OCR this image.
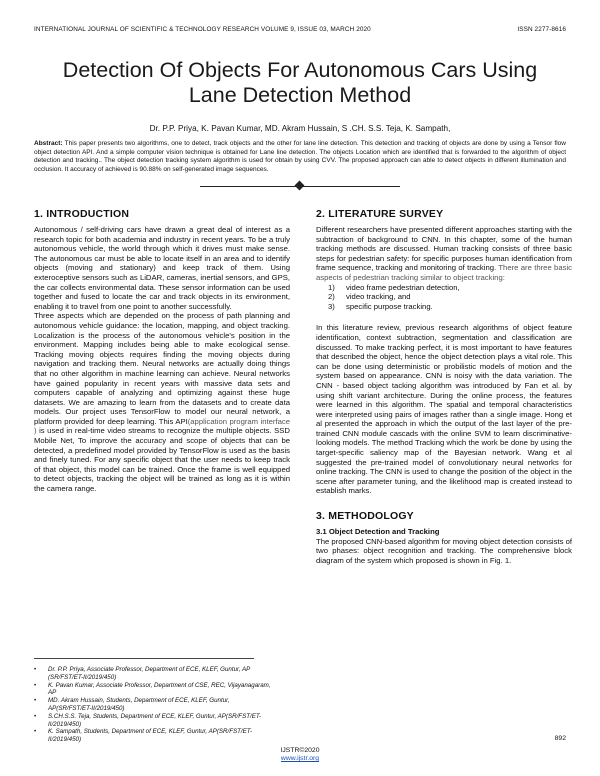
INTERNATIONAL JOURNAL OF SCIENTIFIC & TECHNOLOGY RESEARCH VOLUME 9, ISSUE 03, MARCH 2020	ISSN 2277-8616
Detection Of Objects For Autonomous Cars Using
Lane Detection Method
Dr. P.P. Priya, K. Pavan Kumar, MD. Akram Hussain, S .CH. S.S. Teja, K. Sampath,
Abstract: This paper presents two algorithms, one to detect, track objects and the other for lane line detection. This detection and tracking of objects are done by using a Tensor flow object detection API. And a simple computer vision technique is obtained for Lane line detection. The objects Location which are identified that is forwarded to the algorithm of object detection and tracking.. The object detection tracking system algorithm is used for obtain by using CVV. The proposed approach can able to detect objects in different illumination and occlusion. It accuracy of achieved is 90.88% on self-generated image sequences.
1. INTRODUCTION

Autonomous / self-driving cars have drawn a great deal of interest as a research topic for both academia and industry in recent years. To be a truly autonomous vehicle, the world through which it drives must make sense. The autonomous car must be able to locate itself in an area and to identify objects (moving and stationary) and keep track of them. Using exteroceptive sensors such as LiDAR, cameras, inertial sensors, and GPS, the car collects environmental data. These sensor information can be used together and fused to locate the car and track objects in its environment, enabling it to travel from one point to another successfully.

Three aspects which are depended on the process of path planning and autonomous vehicle guidance: the location, mapping, and object tracking. Localization is the process of the autonomous vehicle's position in the environment. Mapping includes being able to make ecological sense. Tracking moving objects requires finding the moving objects during navigation and tracking them. Neural networks are actually doing things that no other algorithm in machine learning can achieve. Neural networks have gained popularity in recent years with massive data sets and computers capable of analyzing and optimizing against these huge datasets. We are amazing to learn from the datasets and to create data models. Our project uses TensorFlow to model our neural network, a platform provided for deep learning. This API(application program interface ) is used in real-time video streams to recognize the multiple objects. SSD Mobile Net, To improve the accuracy and scope of objects that can be detected, a predefined model provided by TensorFlow is used as the basis and finely tuned. For any specific object that the user needs to keep track of that object, this model can be trained. Once the frame is well equipped to detect objects, tracking the object will be trained as long as it is within the camera range.

• Dr. P.P. Priya, Associate Professor, Department of ECE, KLEF, Guntur, AP (SR/FST/ET-II/2019/450)
• K. Pavan Kumar, Associate Professor, Department of CSE, REC, Vijayanagaram, AP
• MD. Akram Hussain, Students, Department of ECE, KLEF, Guntur, AP(SR/FST/ET-II/2019/450)
• S.CH.S.S. Teja, Students, Department of ECE, KLEF, Guntur, AP(SR/FST/ET-II/2019/450)
• K. Sampath, Students, Department of ECE, KLEF, Guntur, AP(SR/FST/ET-II/2019/450)
2. LITERATURE SURVEY

Different researchers have presented different approaches starting with the subtraction of background to CNN. In this chapter, some of the human tracking methods are discussed. Human tracking consists of three basic steps for pedestrian safety: for specific purposes human identification from frame sequence, tracking and monitoring of tracking. There are three basic aspects of pedestrian tracking similar to object tracking:

1) video frame pedestrian detection,
2) video tracking, and
3) specific purpose tracking.

In this literature review, previous research algorithms of object feature identification, context subtraction, segmentation and classification are discussed. To make tracking perfect, it is most important to have features that described the object, hence the object detection plays a vital role. This can be done using deterministic or probilistic models of motion and the system based on appearance. CNN is noisy with the data variation. The CNN - based object tacking algorithm was introduced by Fan et al. by using shift variant architecture. During the online process, the features were learned in this algorithm. The spatial and temporal characteristics were interpreted using pairs of images rather than a single image. Hong et al presented the approach in which the output of the last layer of the pre-trained CNN module cascads with the online SVM to learn discriminative-looking models. The method Tracking which the work be done by using the target-specific saliency map of the Bayesian network. Wang et al suggested the pre-trained model of convolutionary neural networks for online tracking. The CNN is used to change the position of the object in the scene after parameter tuning, and the likelihood map is created instead to establish marks.

3. METHODOLOGY
3.1 Object Detection and Tracking

The proposed CNN-based algorithm for moving object detection consists of two phases: object recognition and tracking. The comprehensive block diagram of the system which proposed is shown in Fig. 1.

892
IJSTR©2020
www.ijstr.org
